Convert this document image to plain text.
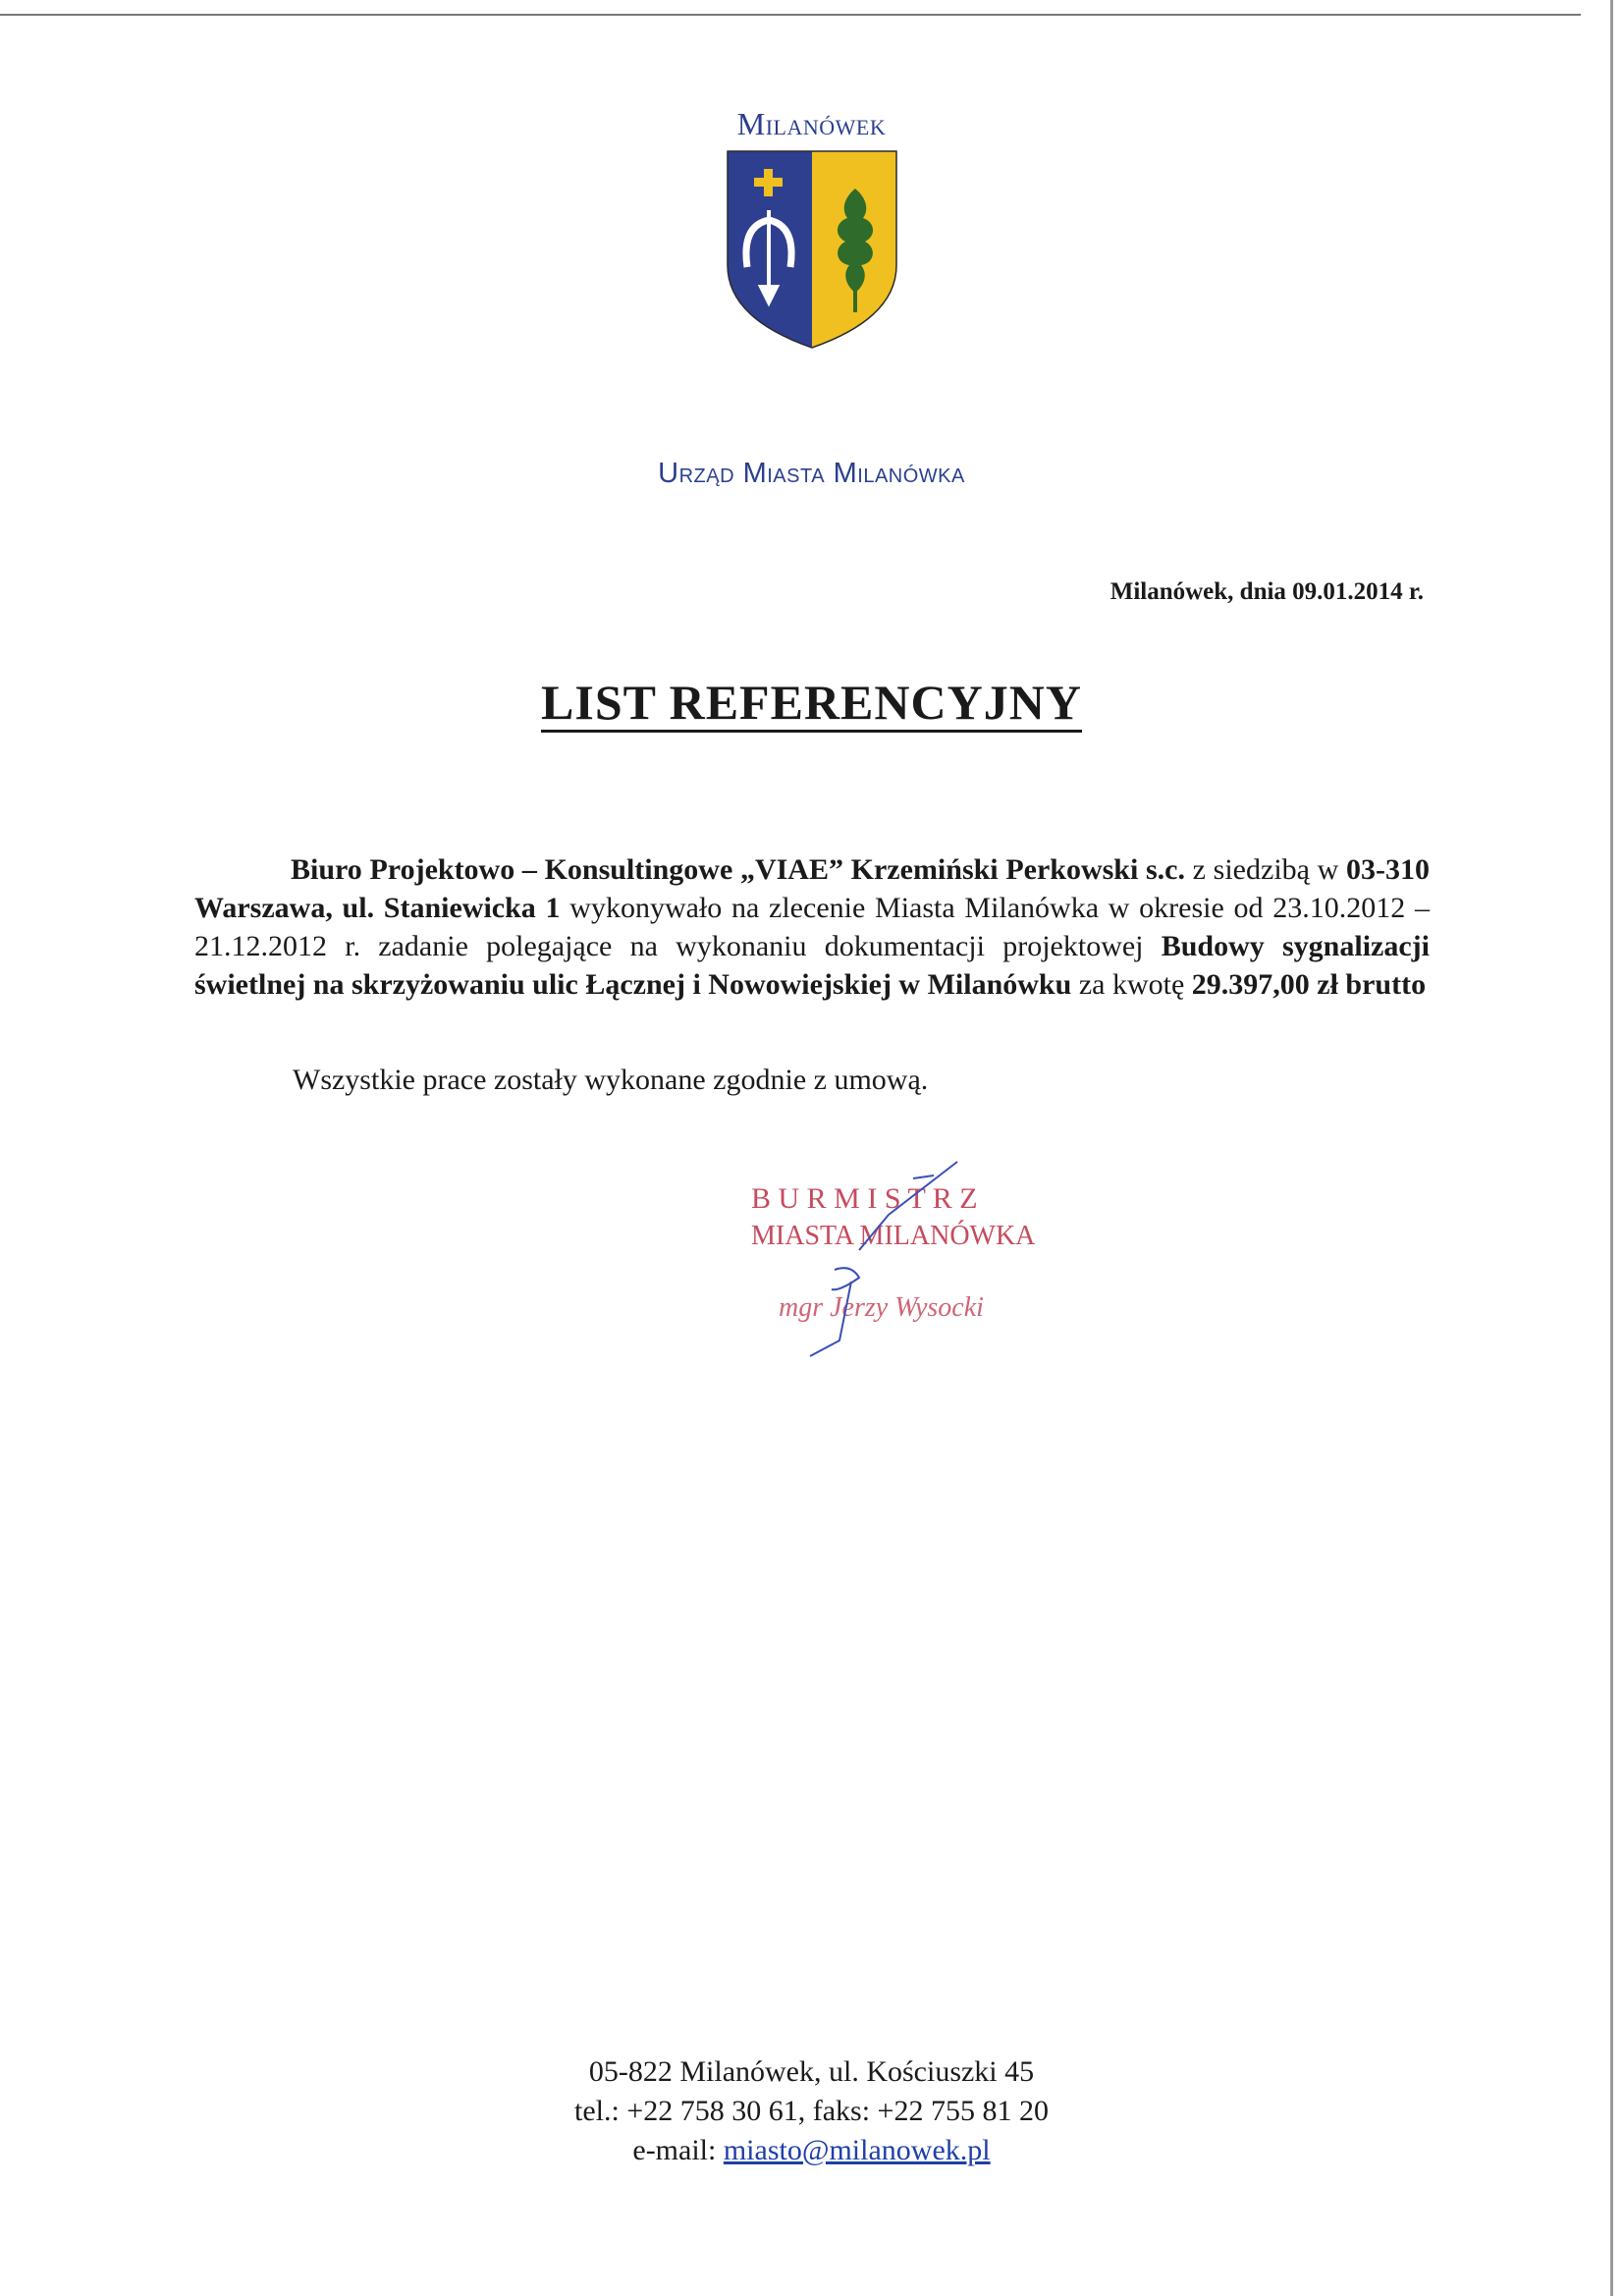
Milanówek
Urząd Miasta Milanówka
Milanówek, dnia 09.01.2014 r.
LIST REFERENCYJNY

Biuro Projektowo – Konsultingowe „VIAE” Krzemiński Perkowski s.c. z siedzibą w 03-310 Warszawa, ul. Staniewicka 1 wykonywało na zlecenie Miasta Milanówka w okresie od 23.10.2012 – 21.12.2012 r. zadanie polegające na wykonaniu dokumentacji projektowej Budowy sygnalizacji świetlnej na skrzyżowaniu ulic Łącznej i Nowowiejskiej w Milanówku za kwotę 29.397,00 zł brutto

Wszystkie prace zostały wykonane zgodnie z umową.
B U R M I S T R Z
MIASTA MILANÓWKA
mgr Jerzy Wysocki
05-822 Milanówek, ul. Kościuszki 45
tel.: +22 758 30 61, faks: +22 755 81 20
e-mail: miasto@milanowek.pl
